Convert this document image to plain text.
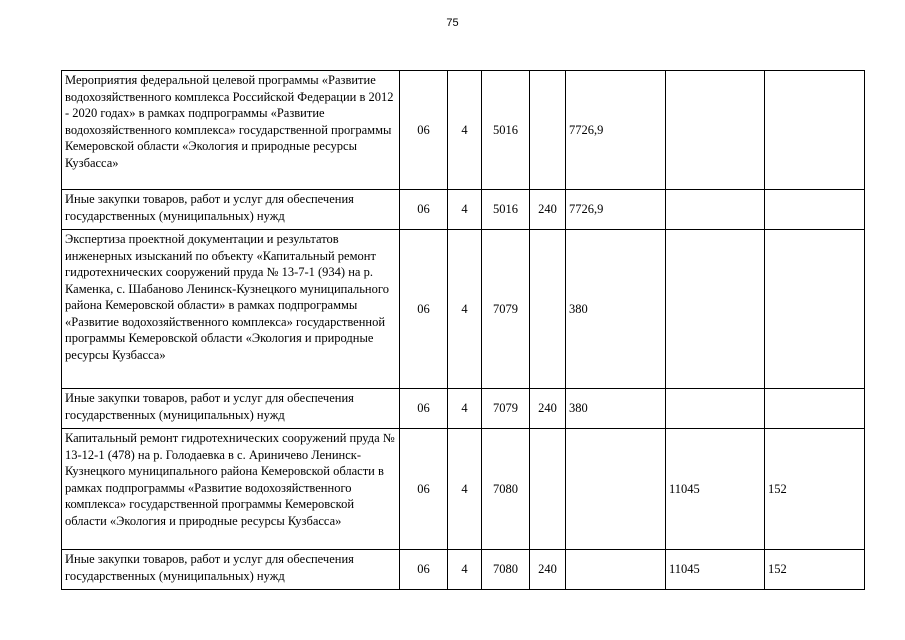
75
Мероприятия федеральной целевой программы «Развитие водохозяйственного комплекса Российской Федерации в 2012 - 2020 годах» в рамках подпрограммы «Развитие водохозяйственного комплекса» государственной программы Кемеровской области «Экология и природные ресурсы Кузбасса»	06	4	5016		7726,9		
Иные закупки товаров, работ и услуг для обеспечения государственных (муниципальных) нужд	06	4	5016	240	7726,9		
Экспертиза проектной документации и результатов инженерных изысканий по объекту «Капитальный ремонт гидротехнических сооружений пруда № 13-7-1 (934) на р. Каменка, с. Шабаново Ленинск-Кузнецкого муниципального района Кемеровской области» в рамках подпрограммы «Развитие водохозяйственного комплекса» государственной программы Кемеровской области «Экология и природные ресурсы Кузбасса»	06	4	7079		380		
Иные закупки товаров, работ и услуг для обеспечения государственных (муниципальных) нужд	06	4	7079	240	380		
Капитальный ремонт гидротехнических сооружений пруда № 13-12-1 (478) на р. Голодаевка в с. Ариничево Ленинск-Кузнецкого муниципального района Кемеровской области в рамках подпрограммы «Развитие водохозяйственного комплекса» государственной программы Кемеровской области «Экология и природные ресурсы Кузбасса»	06	4	7080			11045	152
Иные закупки товаров, работ и услуг для обеспечения государственных (муниципальных) нужд	06	4	7080	240		11045	152
